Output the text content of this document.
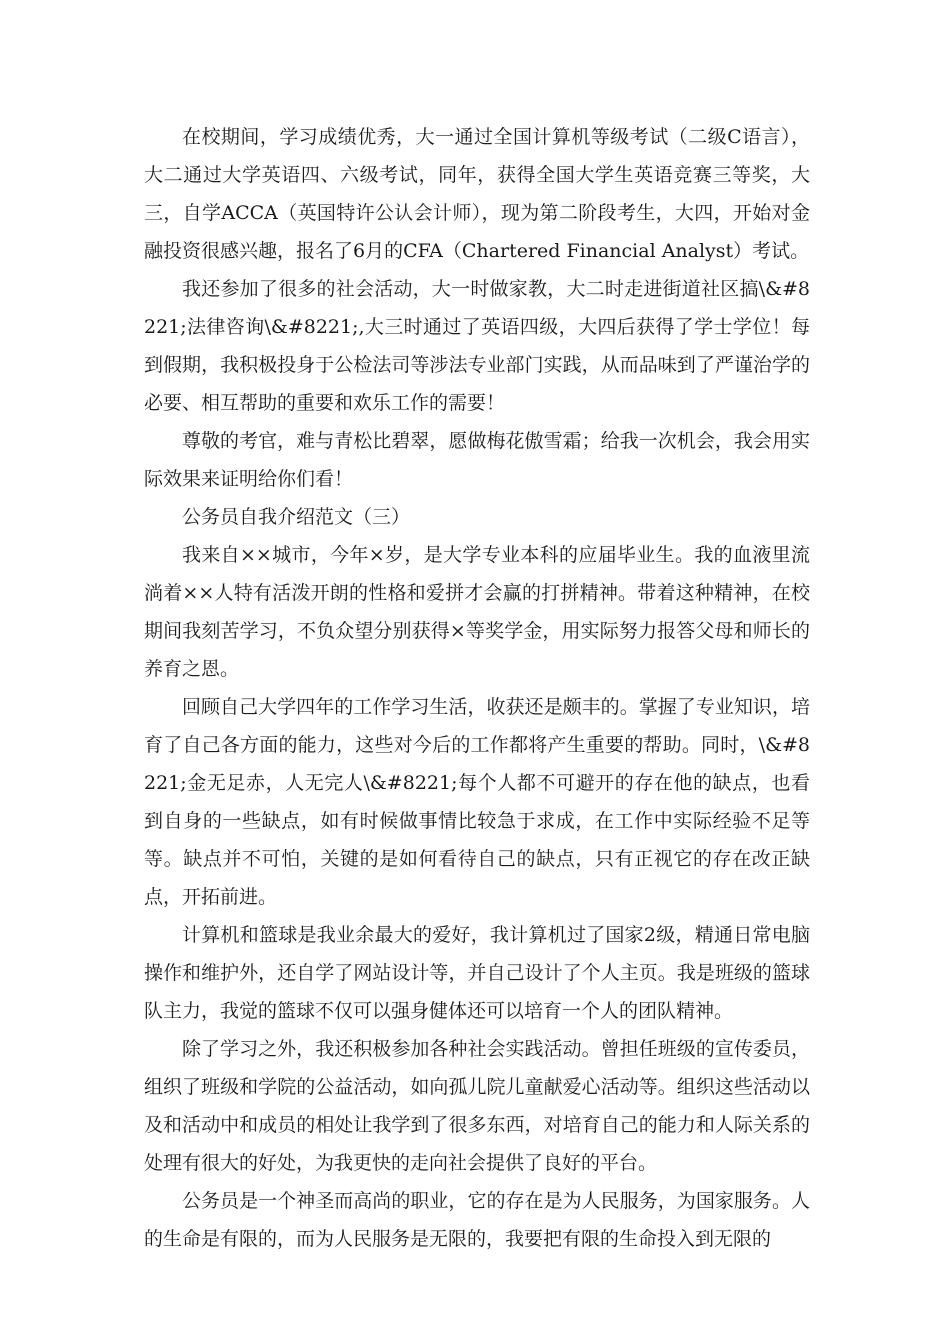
在校期间，学习成绩优秀，大一通过全国计算机等级考试（二级C语言），大二通过大学英语四、六级考试，同年，获得全国大学生英语竞赛三等奖，大三，自学ACCA（英国特许公认会计师），现为第二阶段考生，大四，开始对金融投资很感兴趣，报名了6月的CFA（Chartered Financial Analyst）考试。

我还参加了很多的社会活动，大一时做家教，大二时走进街道社区搞\&#8221;法律咨询\&#8221;,大三时通过了英语四级，大四后获得了学士学位！每到假期，我积极投身于公检法司等涉法专业部门实践，从而品味到了严谨治学的必要、相互帮助的重要和欢乐工作的需要！

尊敬的考官，难与青松比碧翠，愿做梅花傲雪霜；给我一次机会，我会用实际效果来证明给你们看！

公务员自我介绍范文（三）

我来自××城市，今年×岁，是大学专业本科的应届毕业生。我的血液里流淌着××人特有活泼开朗的性格和爱拼才会赢的打拼精神。带着这种精神，在校期间我刻苦学习，不负众望分别获得×等奖学金，用实际努力报答父母和师长的养育之恩。

回顾自己大学四年的工作学习生活，收获还是颇丰的。掌握了专业知识，培育了自己各方面的能力，这些对今后的工作都将产生重要的帮助。同时，\&#8221;金无足赤，人无完人\&#8221;每个人都不可避开的存在他的缺点，也看到自身的一些缺点，如有时候做事情比较急于求成，在工作中实际经验不足等等。缺点并不可怕，关键的是如何看待自己的缺点，只有正视它的存在改正缺点，开拓前进。

计算机和篮球是我业余最大的爱好，我计算机过了国家2级，精通日常电脑操作和维护外，还自学了网站设计等，并自己设计了个人主页。我是班级的篮球队主力，我觉的篮球不仅可以强身健体还可以培育一个人的团队精神。

除了学习之外，我还积极参加各种社会实践活动。曾担任班级的宣传委员，组织了班级和学院的公益活动，如向孤儿院儿童献爱心活动等。组织这些活动以及和活动中和成员的相处让我学到了很多东西，对培育自己的能力和人际关系的处理有很大的好处，为我更快的走向社会提供了良好的平台。

公务员是一个神圣而高尚的职业，它的存在是为人民服务，为国家服务。人的生命是有限的，而为人民服务是无限的，我要把有限的生命投入到无限的
